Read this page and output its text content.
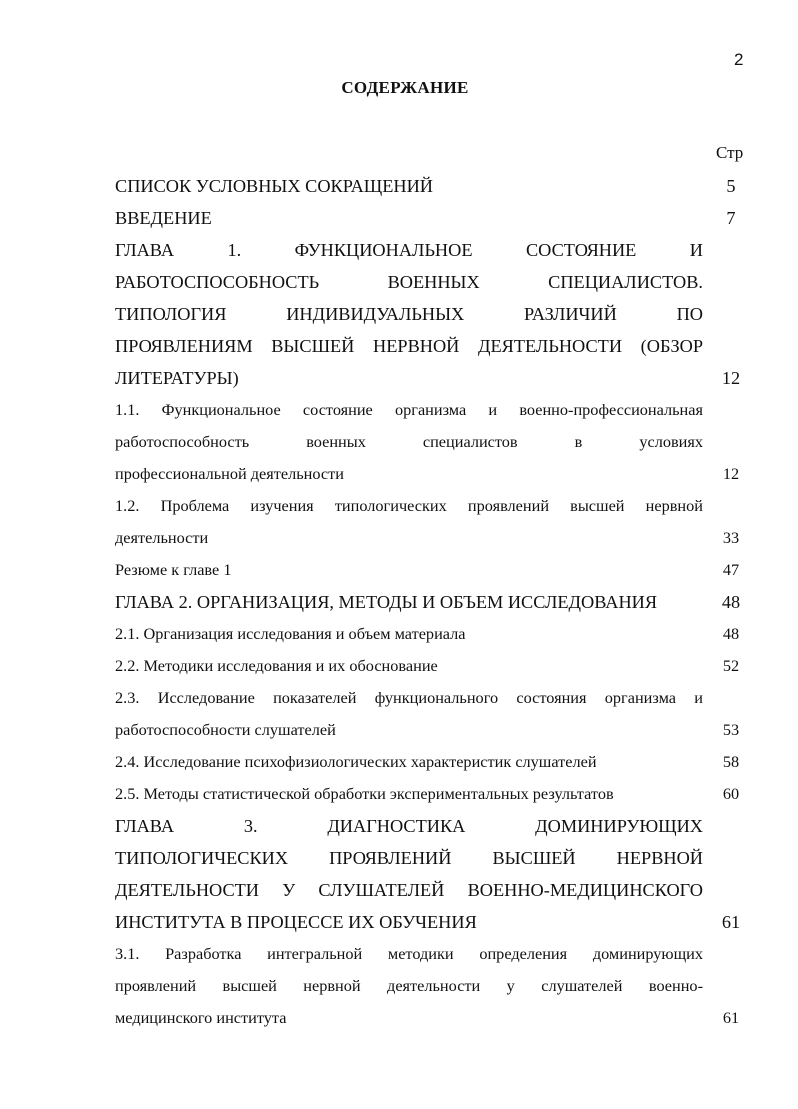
2
СОДЕРЖАНИЕ
Стр
СПИСОК УСЛОВНЫХ СОКРАЩЕНИЙ	5
ВВЕДЕНИЕ	7
ГЛАВА 1. ФУНКЦИОНАЛЬНОЕ СОСТОЯНИЕ И
РАБОТОСПОСОБНОСТЬ ВОЕННЫХ СПЕЦИАЛИСТОВ.
ТИПОЛОГИЯ ИНДИВИДУАЛЬНЫХ РАЗЛИЧИЙ ПО
ПРОЯВЛЕНИЯМ ВЫСШЕЙ НЕРВНОЙ ДЕЯТЕЛЬНОСТИ (ОБЗОР
ЛИТЕРАТУРЫ)	12
1.1. Функциональное состояние организма и военно-профессиональная
работоспособность военных специалистов в условиях
профессиональной деятельности	12
1.2. Проблема изучения типологических проявлений высшей нервной
деятельности	33
Резюме к главе 1	47
ГЛАВА 2. ОРГАНИЗАЦИЯ, МЕТОДЫ И ОБЪЕМ ИССЛЕДОВАНИЯ	48
2.1. Организация исследования и объем материала	48
2.2. Методики исследования и их обоснование	52
2.3. Исследование показателей функционального состояния организма и
работоспособности слушателей	53
2.4. Исследование психофизиологических характеристик слушателей	58
2.5. Методы статистической обработки экспериментальных результатов	60
ГЛАВА 3. ДИАГНОСТИКА ДОМИНИРУЮЩИХ
ТИПОЛОГИЧЕСКИХ ПРОЯВЛЕНИЙ ВЫСШЕЙ НЕРВНОЙ
ДЕЯТЕЛЬНОСТИ У СЛУШАТЕЛЕЙ ВОЕННО-МЕДИЦИНСКОГО
ИНСТИТУТА В ПРОЦЕССЕ ИХ ОБУЧЕНИЯ	61
3.1. Разработка интегральной методики определения доминирующих
проявлений высшей нервной деятельности у слушателей военно-
медицинского института	61
